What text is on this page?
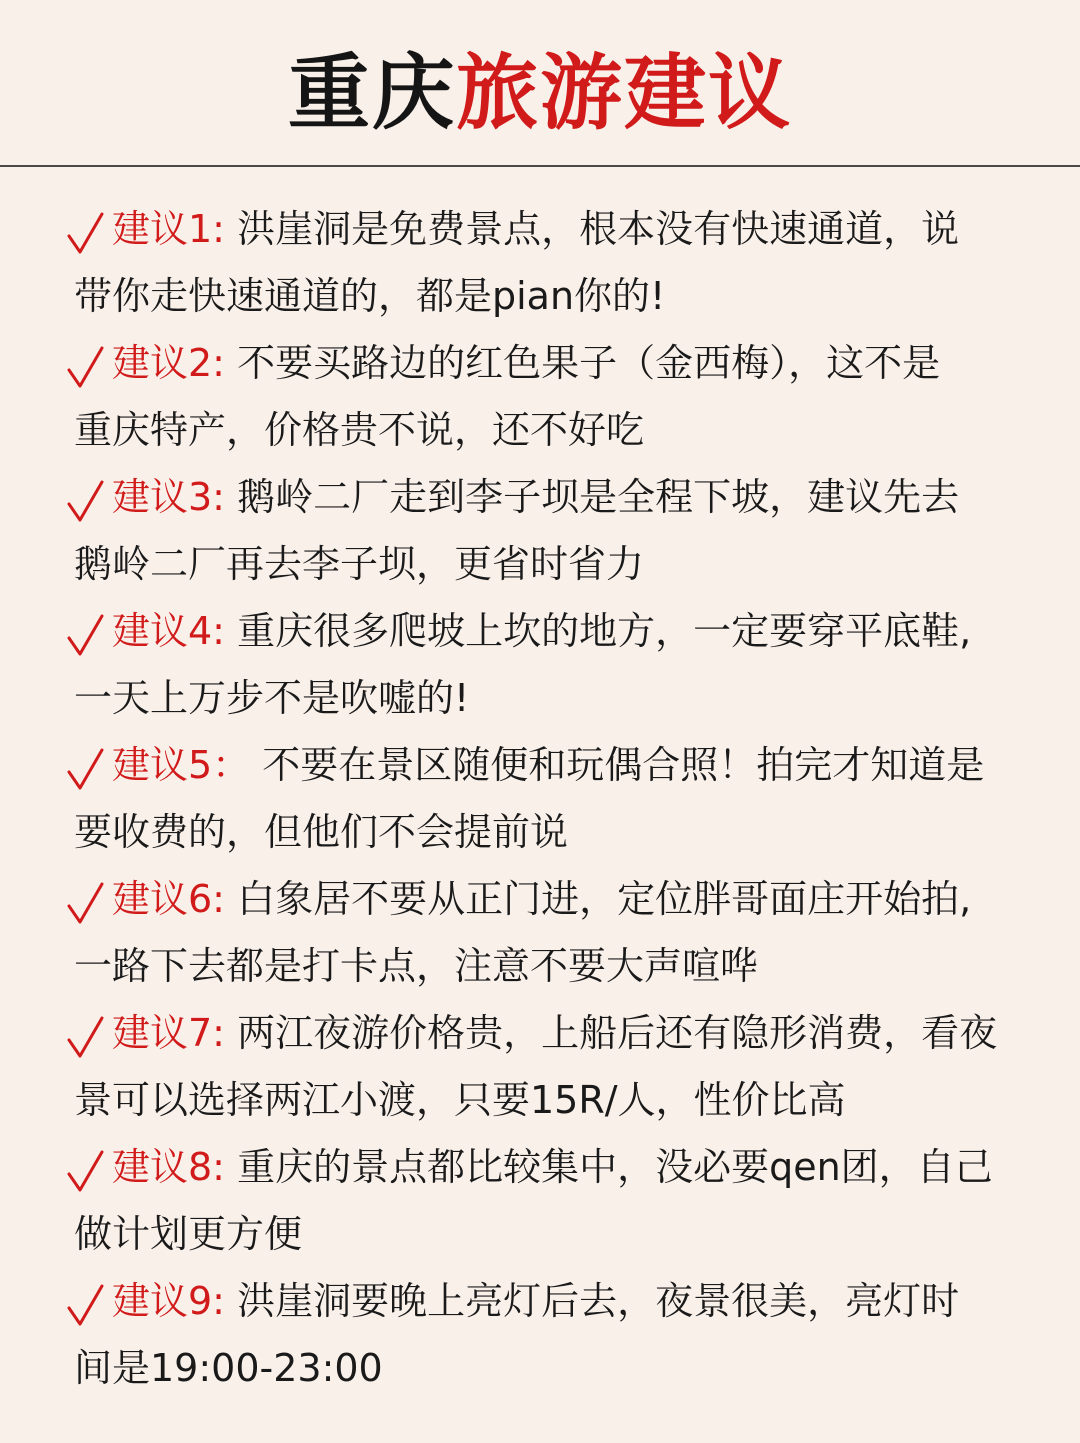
重庆旅游建议
建议1: 洪崖洞是免费景点，根本没有快速通道，说
带你走快速通道的，都是pian你的!
建议2: 不要买路边的红色果子（金西梅），这不是
重庆特产，价格贵不说，还不好吃
建议3: 鹅岭二厂走到李子坝是全程下坡，建议先去
鹅岭二厂再去李子坝，更省时省力
建议4: 重庆很多爬坡上坎的地方，一定要穿平底鞋,
一天上万步不是吹嘘的!
建议5： 不要在景区随便和玩偶合照！拍完才知道是
要收费的，但他们不会提前说
建议6: 白象居不要从正门进，定位胖哥面庄开始拍,
一路下去都是打卡点，注意不要大声喧哗
建议7: 两江夜游价格贵，上船后还有隐形消费，看夜
景可以选择两江小渡，只要15R/人，性价比高
建议8: 重庆的景点都比较集中，没必要qen团，自己
做计划更方便
建议9: 洪崖洞要晚上亮灯后去，夜景很美，亮灯时
间是19:00-23:00
